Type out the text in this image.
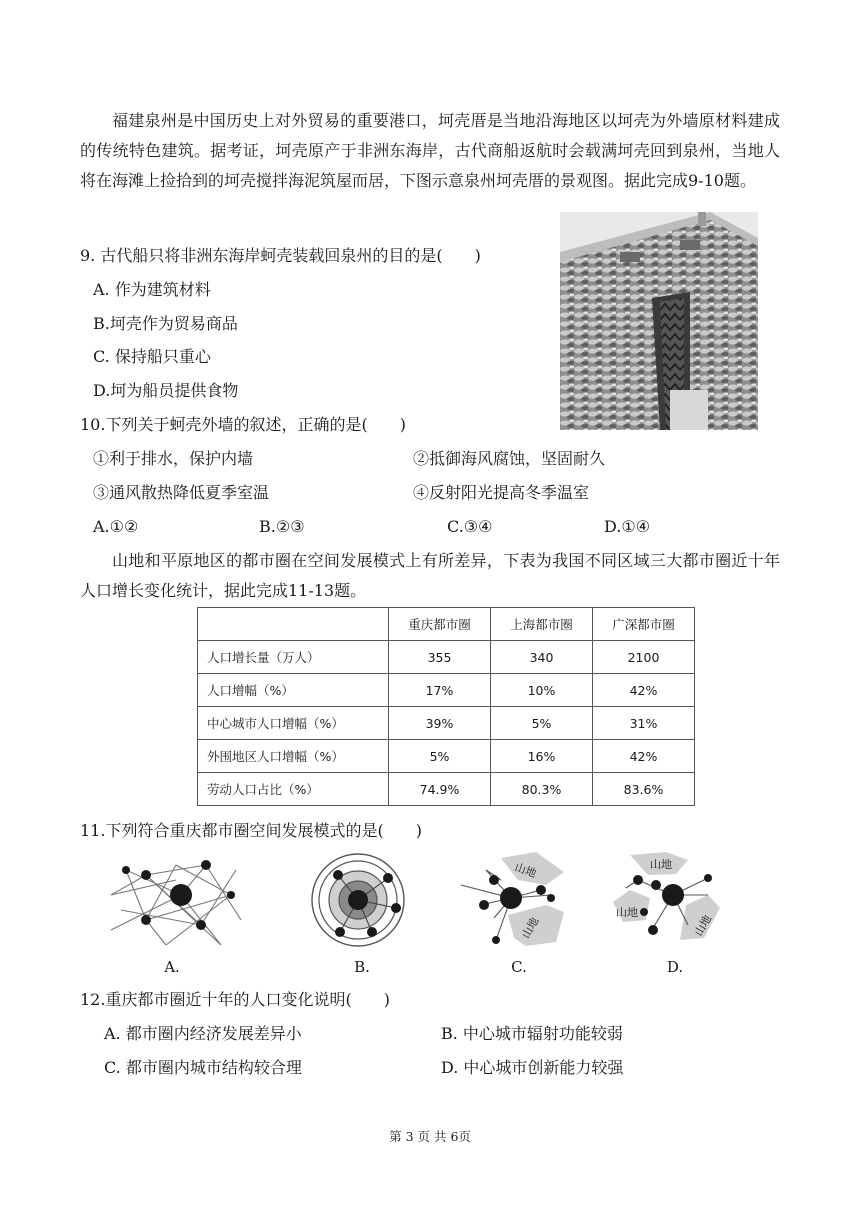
福建泉州是中国历史上对外贸易的重要港口，坷壳厝是当地沿海地区以坷壳为外墙原材料建成的传统特色建筑。据考证，坷壳原产于非洲东海岸，古代商船返航时会载满坷壳回到泉州，当地人将在海滩上捡拾到的坷壳搅拌海泥筑屋而居，下图示意泉州坷壳厝的景观图。据此完成9-10题。
9. 古代船只将非洲东海岸蚵壳装载回泉州的目的是(　　)
A. 作为建筑材料
B.坷壳作为贸易商品
C. 保持船只重心
D.坷为船员提供食物
10.下列关于蚵壳外墙的叙述，正确的是(　　)
①利于排水，保护内墙	②抵御海风腐蚀，坚固耐久
③通风散热降低夏季室温	④反射阳光提高冬季温室
A.①②	B.②③	C.③④	D.①④
山地和平原地区的都市圈在空间发展模式上有所差异，下表为我国不同区域三大都市圈近十年人口增长变化统计，据此完成11-13题。
	重庆都市圈	上海都市圈	广深都市圈
人口增长量（万人）	355	340	2100
人口增幅（%）	17%	10%	42%
中心城市人口增幅（%）	39%	5%	31%
外围地区人口增幅（%）	5%	16%	42%
劳动人口占比（%）	74.9%	80.3%	83.6%
11.下列符合重庆都市圈空间发展模式的是(　　)
山地
山地
山地
山地
山地
A.	B.	C.	D.
12.重庆都市圈近十年的人口变化说明(　　)
A. 都市圈内经济发展差异小	B. 中心城市辐射功能较弱
C. 都市圈内城市结构较合理	D. 中心城市创新能力较强
第 3 页 共 6页
